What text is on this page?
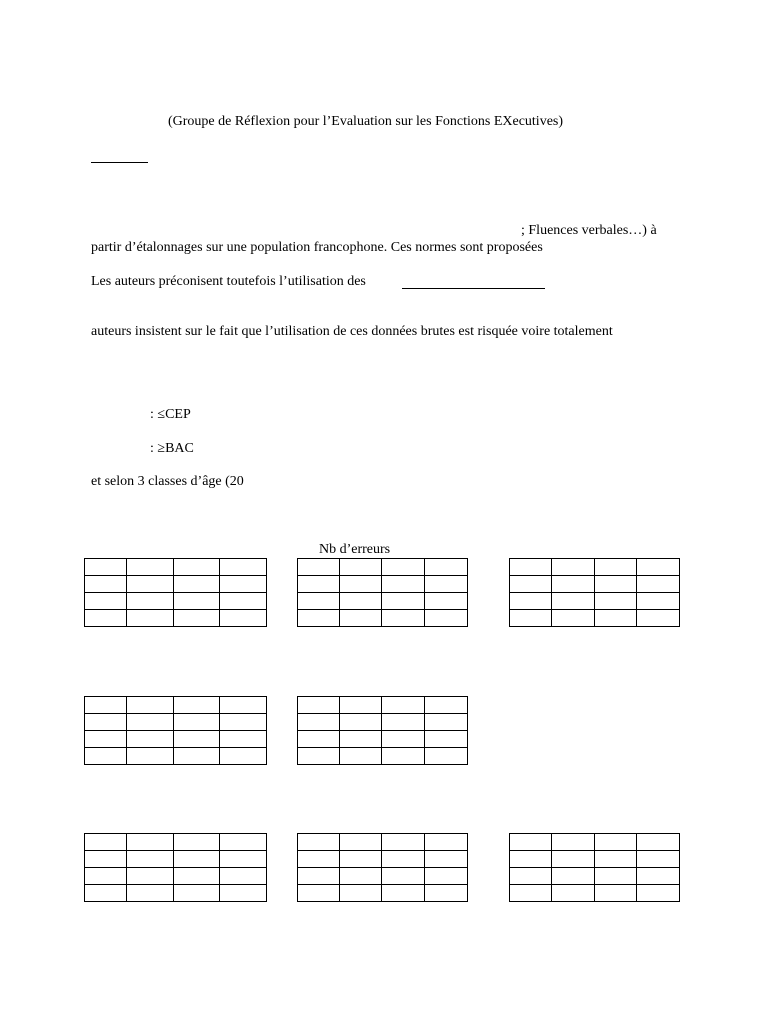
(Groupe de Réflexion pour l’Evaluation sur les Fonctions EXecutives)
; Fluences verbales…) à
partir d’étalonnages sur une population francophone. Ces normes sont proposées
Les auteurs préconisent toutefois l’utilisation des
auteurs insistent sur le fait que l’utilisation de ces données brutes est risquée voire totalement
: ≤CEP
: ≥BAC
et selon 3 classes d’âge (20
Nb d’erreurs
